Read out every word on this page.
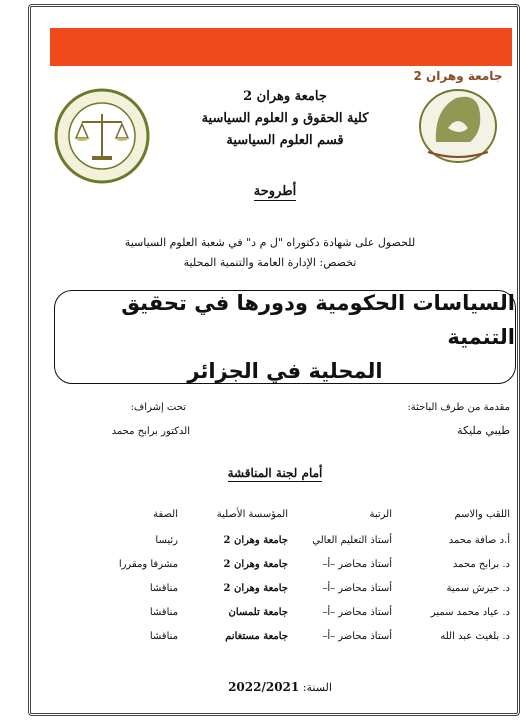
جامعة وهران 2
جامعة وهران 2
كلية الحقوق و العلوم السياسية
قسم العلوم السياسية
أطروحة
للحصول على شهادة دكتوراه "ل م د" في شعبة العلوم السياسية
تخصص: الإدارة العامة والتنمية المحلية
السياسات الحكومية ودورها في تحقيق التنمية
المحلية في الجزائر
مقدمة من طرف الباحثة:
طيبي مليكة
تحت إشراف:
الدكتور برابح محمد
أمام لجنة المناقشة
اللقب والاسم	الرتبة	المؤسسة الأصلية	الصفة
أ.د صافة محمد	أستاذ التعليم العالي	جامعة وهران 2	رئيسا
د. برابح محمد	أستاذ محاضر –أ–	جامعة وهران 2	مشرفا ومقررا
د. حيرش سمية	أستاذ محاضر –أ–	جامعة وهران 2	مناقشا
د. عياد محمد سمير	أستاذ محاضر –أ–	جامعة تلمسان	مناقشا
د. بلغيث عبد الله	أستاذ محاضر –أ–	جامعة مستغانم	مناقشا
السنة: 2022/2021
